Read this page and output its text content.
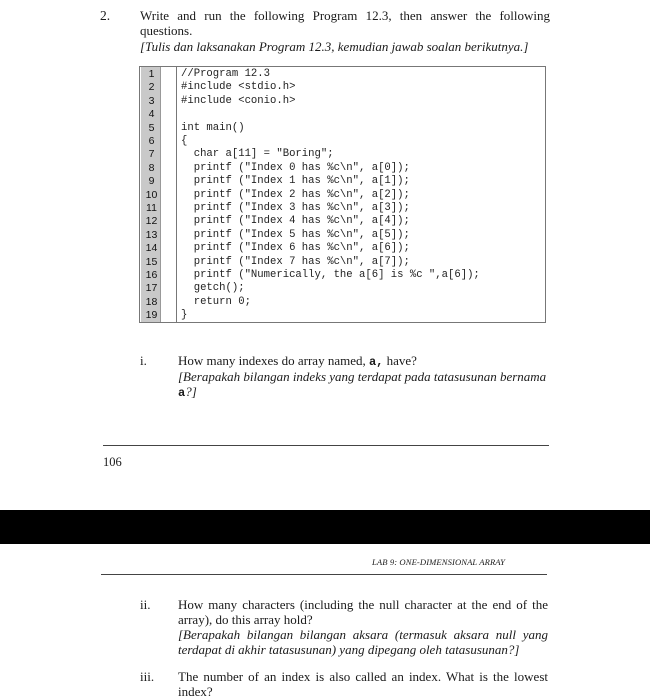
2. Write and run the following Program 12.3, then answer the following
questions.
[Tulis dan laksanakan Program 12.3, kemudian jawab soalan berikutnya.]
1
2
3
4
5
6
7
8
9
10
11
12
13
14
15
16
17
18
19
//Program 12.3
#include <stdio.h>
#include <conio.h>
int main()
{
char a[11] = "Boring";
printf ("Index 0 has %c\n", a[0]);
printf ("Index 1 has %c\n", a[1]);
printf ("Index 2 has %c\n", a[2]);
printf ("Index 3 has %c\n", a[3]);
printf ("Index 4 has %c\n", a[4]);
printf ("Index 5 has %c\n", a[5]);
printf ("Index 6 has %c\n", a[6]);
printf ("Index 7 has %c\n", a[7]);
printf ("Numerically, the a[6] is %c ",a[6]);
getch();
return 0;
}
i. How many indexes do array named, a, have?
[Berapakah bilangan indeks yang terdapat pada tatasusunan bernama
a?]
106
LAB 9: ONE-DIMENSIONAL ARRAY
ii. How many characters (including the null character at the end of the
array), do this array hold?
[Berapakah bilangan bilangan aksara (termasuk aksara null yang
terdapat di akhir tatasusunan) yang dipegang oleh tatasusunan?]
iii. The number of an index is also called an index. What is the lowest
index?
